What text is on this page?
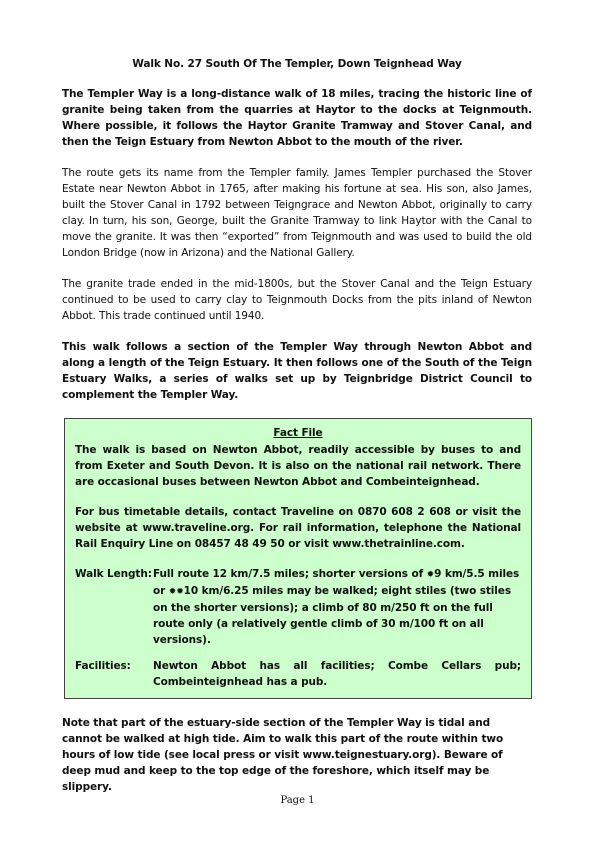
Walk No. 27 South Of The Templer, Down Teignhead Way

The Templer Way is a long-distance walk of 18 miles, tracing the historic line of granite being taken from the quarries at Haytor to the docks at Teignmouth. Where possible, it follows the Haytor Granite Tramway and Stover Canal, and then the Teign Estuary from Newton Abbot to the mouth of the river.

The route gets its name from the Templer family. James Templer purchased the Stover Estate near Newton Abbot in 1765, after making his fortune at sea. His son, also James, built the Stover Canal in 1792 between Teigngrace and Newton Abbot, originally to carry clay. In turn, his son, George, built the Granite Tramway to link Haytor with the Canal to move the granite. It was then “exported” from Teignmouth and was used to build the old London Bridge (now in Arizona) and the National Gallery.

The granite trade ended in the mid-1800s, but the Stover Canal and the Teign Estuary continued to be used to carry clay to Teignmouth Docks from the pits inland of Newton Abbot. This trade continued until 1940.

This walk follows a section of the Templer Way through Newton Abbot and along a length of the Teign Estuary. It then follows one of the South of the Teign Estuary Walks, a series of walks set up by Teignbridge District Council to complement the Templer Way.

Fact File

The walk is based on Newton Abbot, readily accessible by buses to and from Exeter and South Devon. It is also on the national rail network. There are occasional buses between Newton Abbot and Combeinteignhead.

For bus timetable details, contact Traveline on 0870 608 2 608 or visit the website at www.traveline.org. For rail information, telephone the National Rail Enquiry Line on 08457 48 49 50 or visit www.thetrainline.com.

Walk Length: Full route 12 km/7.5 miles; shorter versions of ✹9 km/5.5 miles or ✹✹10 km/6.25 miles may be walked; eight stiles (two stiles on the shorter versions); a climb of 80 m/250 ft on the full route only (a relatively gentle climb of 30 m/100 ft on all versions).
Facilities:	Newton Abbot has all facilities; Combe Cellars pub; Combeinteignhead has a pub.

Note that part of the estuary-side section of the Templer Way is tidal and cannot be walked at high tide. Aim to walk this part of the route within two hours of low tide (see local press or visit www.teignestuary.org). Beware of deep mud and keep to the top edge of the foreshore, which itself may be slippery.

Page 1
